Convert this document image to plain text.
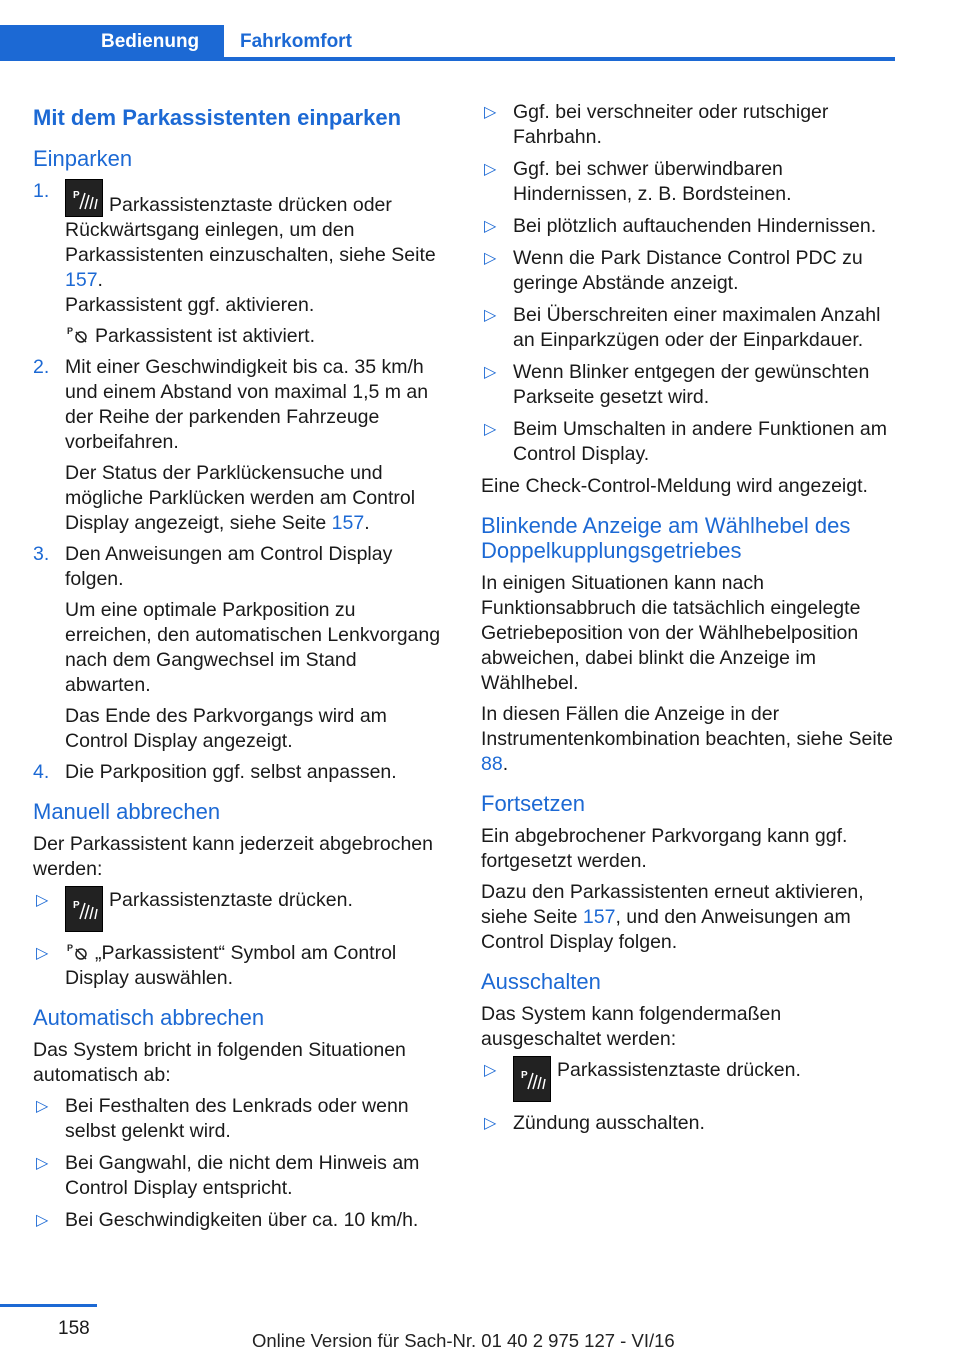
Bedienung Fahrkomfort
Mit dem Parkassistenten einparken
Einparken
1. P Parkassistenztaste drücken oder Rückwärtsgang einlegen, um den Parkassistenten einzuschalten, siehe Seite 157.
Parkassistent ggf. aktivieren.
P Parkassistent ist aktiviert.
2. Mit einer Geschwindigkeit bis ca. 35 km/h und einem Abstand von maximal 1,5 m an der Reihe der parkenden Fahrzeuge vorbeifahren.

Der Status der Parklückensuche und mögliche Parklücken werden am Control Display angezeigt, siehe Seite 157.

3. Den Anweisungen am Control Display folgen.

Um eine optimale Parkposition zu erreichen, den automatischen Lenkvorgang nach dem Gangwechsel im Stand abwarten.

Das Ende des Parkvorgangs wird am Control Display angezeigt.

4. Die Parkposition ggf. selbst anpassen.
Manuell abbrechen

Der Parkassistent kann jederzeit abgebrochen werden:

▷ P Parkassistenztaste drücken.
▷ P „Parkassistent“ Symbol am Control Display auswählen.
Automatisch abbrechen

Das System bricht in folgenden Situationen automatisch ab:

▷ Bei Festhalten des Lenkrads oder wenn selbst gelenkt wird.
▷ Bei Gangwahl, die nicht dem Hinweis am Control Display entspricht.
▷ Bei Geschwindigkeiten über ca. 10 km/h.
▷ Ggf. bei verschneiter oder rutschiger Fahrbahn.
▷ Ggf. bei schwer überwindbaren Hindernissen, z. B. Bordsteinen.
▷ Bei plötzlich auftauchenden Hindernissen.
▷ Wenn die Park Distance Control PDC zu geringe Abstände anzeigt.
▷ Bei Überschreiten einer maximalen Anzahl an Einparkzügen oder der Einparkdauer.
▷ Wenn Blinker entgegen der gewünschten Parkseite gesetzt wird.
▷ Beim Umschalten in andere Funktionen am Control Display.

Eine Check-Control-Meldung wird angezeigt.

Blinkende Anzeige am Wählhebel des Doppelkupplungsgetriebes

In einigen Situationen kann nach Funktionsabbruch die tatsächlich eingelegte Getriebeposition von der Wählhebelposition abweichen, dabei blinkt die Anzeige im Wählhebel.

In diesen Fällen die Anzeige in der Instrumentenkombination beachten, siehe Seite 88.

Fortsetzen

Ein abgebrochener Parkvorgang kann ggf. fortgesetzt werden.

Dazu den Parkassistenten erneut aktivieren, siehe Seite 157, und den Anweisungen am Control Display folgen.

Ausschalten

Das System kann folgendermaßen ausgeschaltet werden:

▷ P Parkassistenztaste drücken.
▷ Zündung ausschalten.
158
Online Version für Sach-Nr. 01 40 2 975 127 - VI/16
